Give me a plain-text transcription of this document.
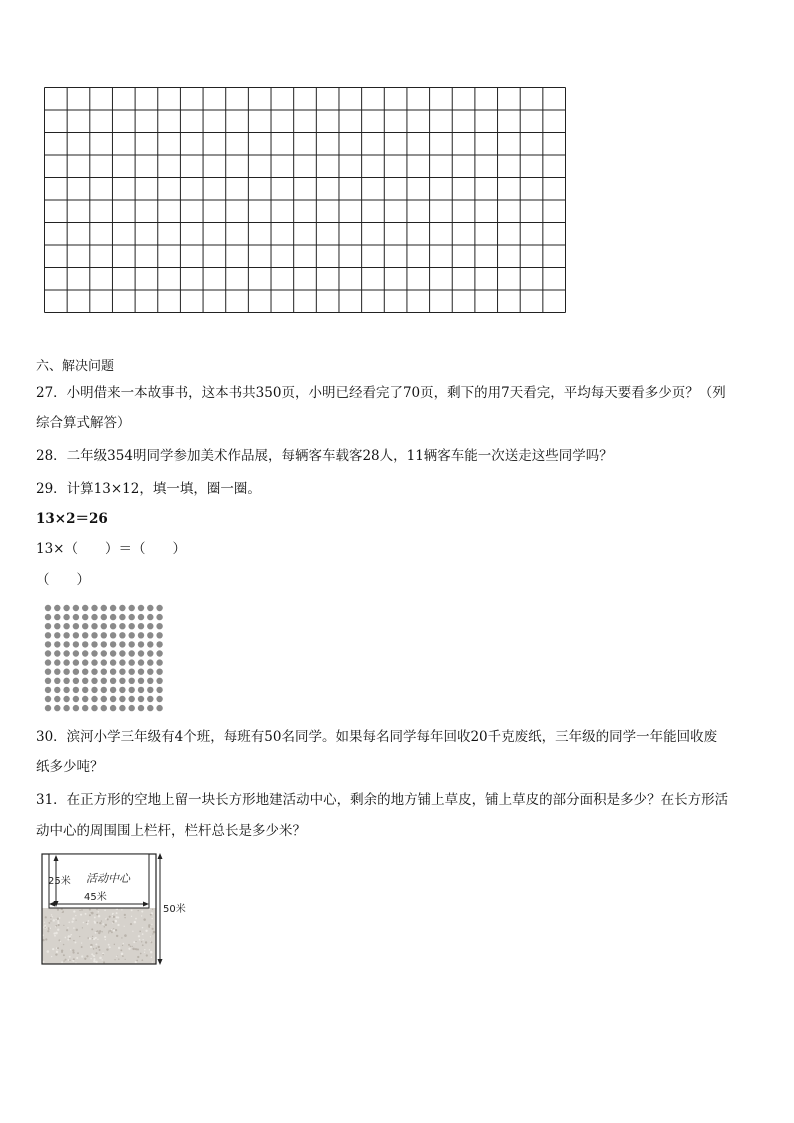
六、解决问题
27．小明借来一本故事书，这本书共350页，小明已经看完了70页，剩下的用7天看完，平均每天要看多少页？（列
综合算式解答）
28．二年级354明同学参加美术作品展，每辆客车载客28人，11辆客车能一次送走这些同学吗？
29．计算13×12，填一填，圈一圈。
13×2＝26
13×（　　）＝（　　）
（　　）
30．滨河小学三年级有4个班，每班有50名同学。如果每名同学每年回收20千克废纸，三年级的同学一年能回收废
纸多少吨？
31．在正方形的空地上留一块长方形地建活动中心，剩余的地方铺上草皮，铺上草皮的部分面积是多少？在长方形活
动中心的周围围上栏杆，栏杆总长是多少米？
25米 活动中心
45米
50米
